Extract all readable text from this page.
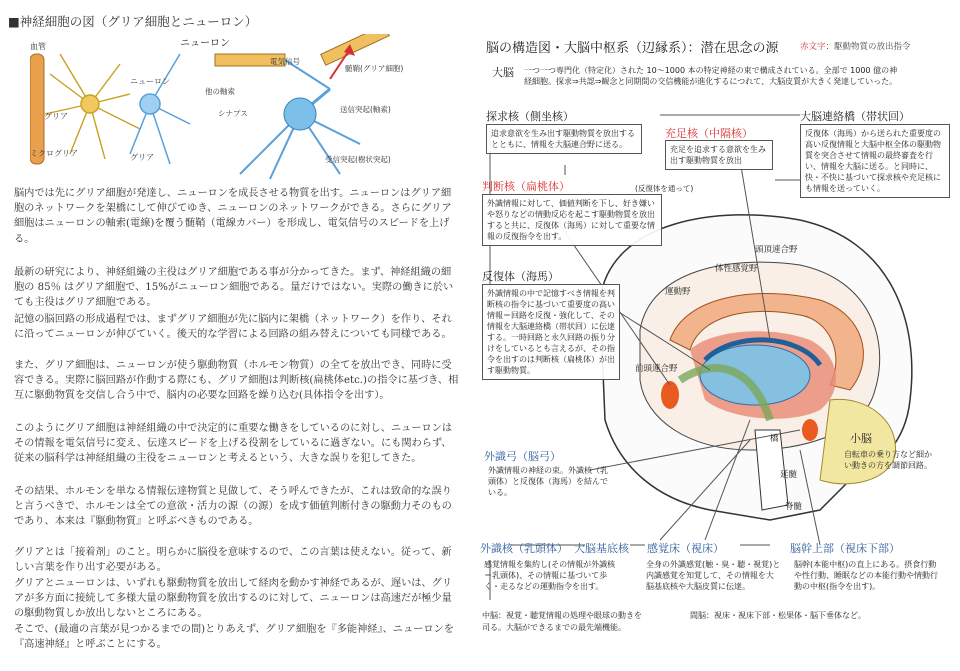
■神経細胞の図（グリア細胞とニューロン）
血管
ニューロン
グリア
ミクログリア	グリア
ニューロン
他の軸索
シナプス
電気信号
髄鞘(グリア細胞)
送信突起(軸索)
受信突起(樹状突起)

脳内では先にグリア細胞が発達し、ニューロンを成長させる物質を出す。ニューロンはグリア細胞のネットワークを架橋にして伸びてゆき、ニューロンのネットワークができる。さらにグリア細胞はニューロンの軸索(電線)を覆う髄鞘（電線カバー）を形成し、電気信号のスピードを上げる。

最新の研究により、神経組織の主役はグリア細胞である事が分かってきた。まず、神経組織の細胞の 85％ はグリア細胞で、15%がニューロン細胞である。量だけではない。実際の働きに於いても主役はグリア細胞である。

記憶の脳回路の形成過程では、まずグリア細胞が先に脳内に架橋（ネットワーク）を作り、それに沿ってニューロンが伸びていく。後天的な学習による回路の組み替えについても同様である。

また、グリア細胞は、ニューロンが使う駆動物質（ホルモン物質）の全てを放出でき、同時に受容できる。実際に脳回路が作動する際にも、グリア細胞は判断核(扁桃体etc.)の指令に基づき、相互に駆動物質を交信し合う中で、脳内の必要な回路を繰り込む(具体指令を出す）。

このようにグリア細胞は神経組織の中で決定的に重要な働きをしているのに対し、ニューロンはその情報を電気信号に変え、伝達スピードを上げる役割をしているに過ぎない。にも関わらず、従来の脳科学は神経組織の主役をニューロンと考えるという、大きな誤りを犯してきた。

その結果、ホルモンを単なる情報伝達物質と見做して、そう呼んできたが、これは致命的な誤りと言うべきで、ホルモンは全ての意欲・活力の源（の源）を成す価値判断付きの駆動力そのものであり、本来は『駆動物質』と呼ぶべきものである。

グリアとは「接着剤」のこと。明らかに脳役を意味するので、この言葉は使えない。従って、新しい言葉を作り出す必要がある。

グリアとニューロンは、いずれも駆動物質を放出して経肉を動かす神経であるが、遅いは、グリアが多方面に接続して多様大量の駆動物質を放出するのに対して、ニューロンは高速だが極少量の駆動物質しか放出しないところにある。

そこで、(最適の言葉が見つかるまでの間)とりあえず、グリア細胞を『多能神経』、ニューロンを『高速神経』と呼ぶことにする。

脳の構造図・大脳中枢系（辺縁系）：潜在思念の源	赤文字：駆動物質の放出指令
大脳	一つ一つ専門化（特定化）された 10～1000 本の特定神経の束で構成されている。全部で 1000 億の神経細胞。探求⇒共認⇒観念と同期間の交信機能が進化するにつれて、大脳皮質が大きく発達していった。
探求核（側坐核）
追求意欲を生み出す駆動物質を放出するとともに、情報を大脳連合野に送る。
充足核（中隔核）
充足を追求する意欲を生み出す駆動物質を放出
大脳連絡橋（帯状回）
反復体（海馬）から送られた重要度の高い反復情報と大脳中枢全体の駆動物質を突合させて情報の最終審査を行い、情報を大脳に送る。と同時に、快・不快に基づいて探求核や充足核にも情報を送っていく。
判断核（扁桃体）
外識情報に対して、価値判断を下し、好き嫌いや怒りなどの情動反応を起こす駆動物質を放出すると共に、反復体（海馬）に対して重要な情報の反復指令を出す。
(反復体を通って)
頭頂連合野
体性感覚野
運動野
前頭連合野
反復体（海馬）
外識情報の中で記憶すべき情報を判断核の指令に基づいて重要度の高い情報＝回路を反復・強化して、その情報を大脳連絡橋（帯状回）に伝達する。一時回路と永久回路の振り分けをしているとも言えるが、その指令を出すのは判断核（扁桃体）が出す駆動物質。
橋
延髄
脊髄
小脳
自転車の乗り方など細かい動きの方を調節回路。
外識弓（脳弓）
外識情報の神経の束。外識核（乳頭体）と反復体（海馬）を結んでいる。
外識核（乳頭体） 大脳基底核 感覚床（視床）	脳幹上部（視床下部）
感覚情報を集約し(その情報が外識核＝乳頭体)、その情報に基づいて歩く・走るなどの運動指令を出す。
全身の外識感覚(触・臭・聴・視覚)と内識感覚を知覚して、その情報を大脳基底核や大脳皮質に伝達。
脳幹(本能中枢)の直上にある。摂食行動や性行動、睡眠などの本能行動や情動行動の中枢(指令を出す)。
中脳：視覚・聴覚情報の処理や眼球の動きを司る。大脳ができるまでの最先端機能。
間脳：視床・視床下部・松果体・脳下垂体など。
